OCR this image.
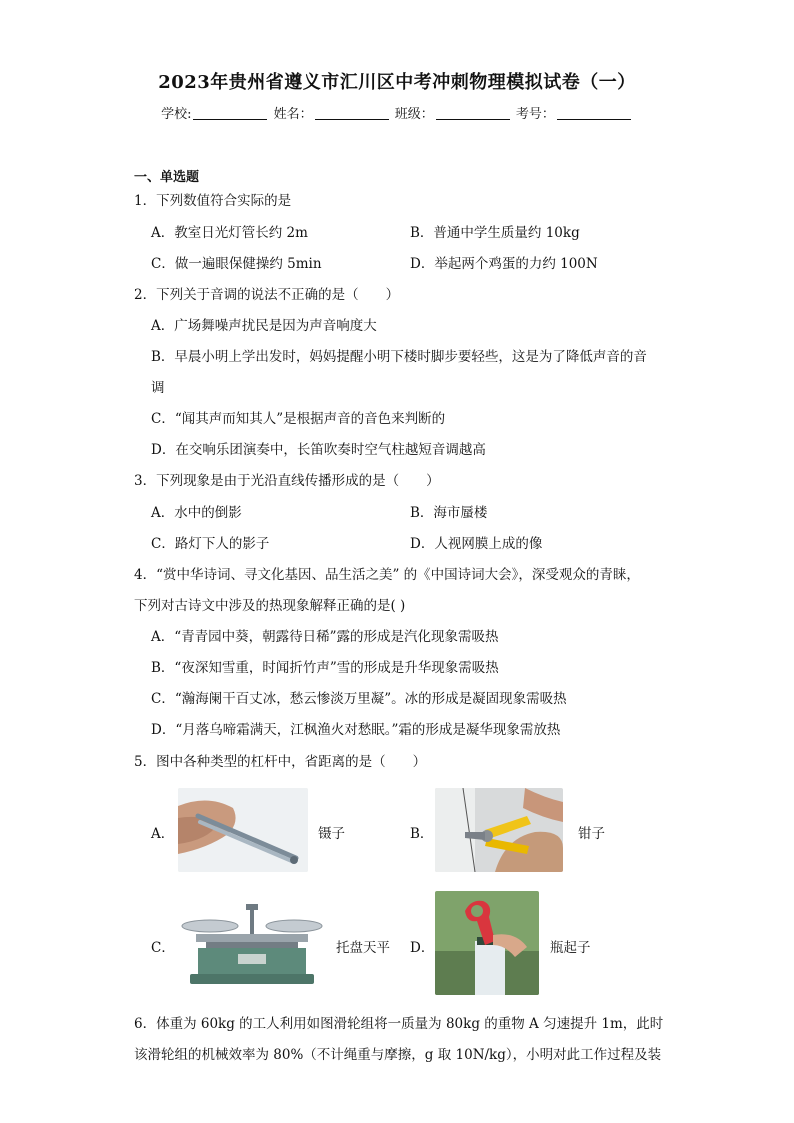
2023年贵州省遵义市汇川区中考冲刺物理模拟试卷（一）
学校:	姓名：	班级：	考号：
一、单选题
1．下列数值符合实际的是
A．教室日光灯管长约 2m	B．普通中学生质量约 10kg
C．做一遍眼保健操约 5min	D．举起两个鸡蛋的力约 100N
2．下列关于音调的说法不正确的是（　　）
A．广场舞噪声扰民是因为声音响度大
B．早晨小明上学出发时，妈妈提醒小明下楼时脚步要轻些，这是为了降低声音的音
调
C．“闻其声而知其人”是根据声音的音色来判断的
D．在交响乐团演奏中，长笛吹奏时空气柱越短音调越高
3．下列现象是由于光沿直线传播形成的是（　　）
A．水中的倒影	B．海市蜃楼
C．路灯下人的影子	D．人视网膜上成的像
4．“赏中华诗词、寻文化基因、品生活之美” 的《中国诗词大会》，深受观众的青睐，
下列对古诗文中涉及的热现象解释正确的是( )
A．“青青园中葵，朝露待日稀”露的形成是汽化现象需吸热
B．“夜深知雪重，时闻折竹声”雪的形成是升华现象需吸热
C．“瀚海阑干百丈冰，愁云惨淡万里凝”。冰的形成是凝固现象需吸热
D．“月落乌啼霜满天，江枫渔火对愁眠。”霜的形成是凝华现象需放热
5．图中各种类型的杠杆中，省距离的是（　　）
A．	镊子	B．	钳子
C．	托盘天平 D．	瓶起子
6．体重为 60kg 的工人利用如图滑轮组将一质量为 80kg 的重物 A 匀速提升 1m，此时
该滑轮组的机械效率为 80%（不计绳重与摩擦，g 取 10N/kg），小明对此工作过程及装
